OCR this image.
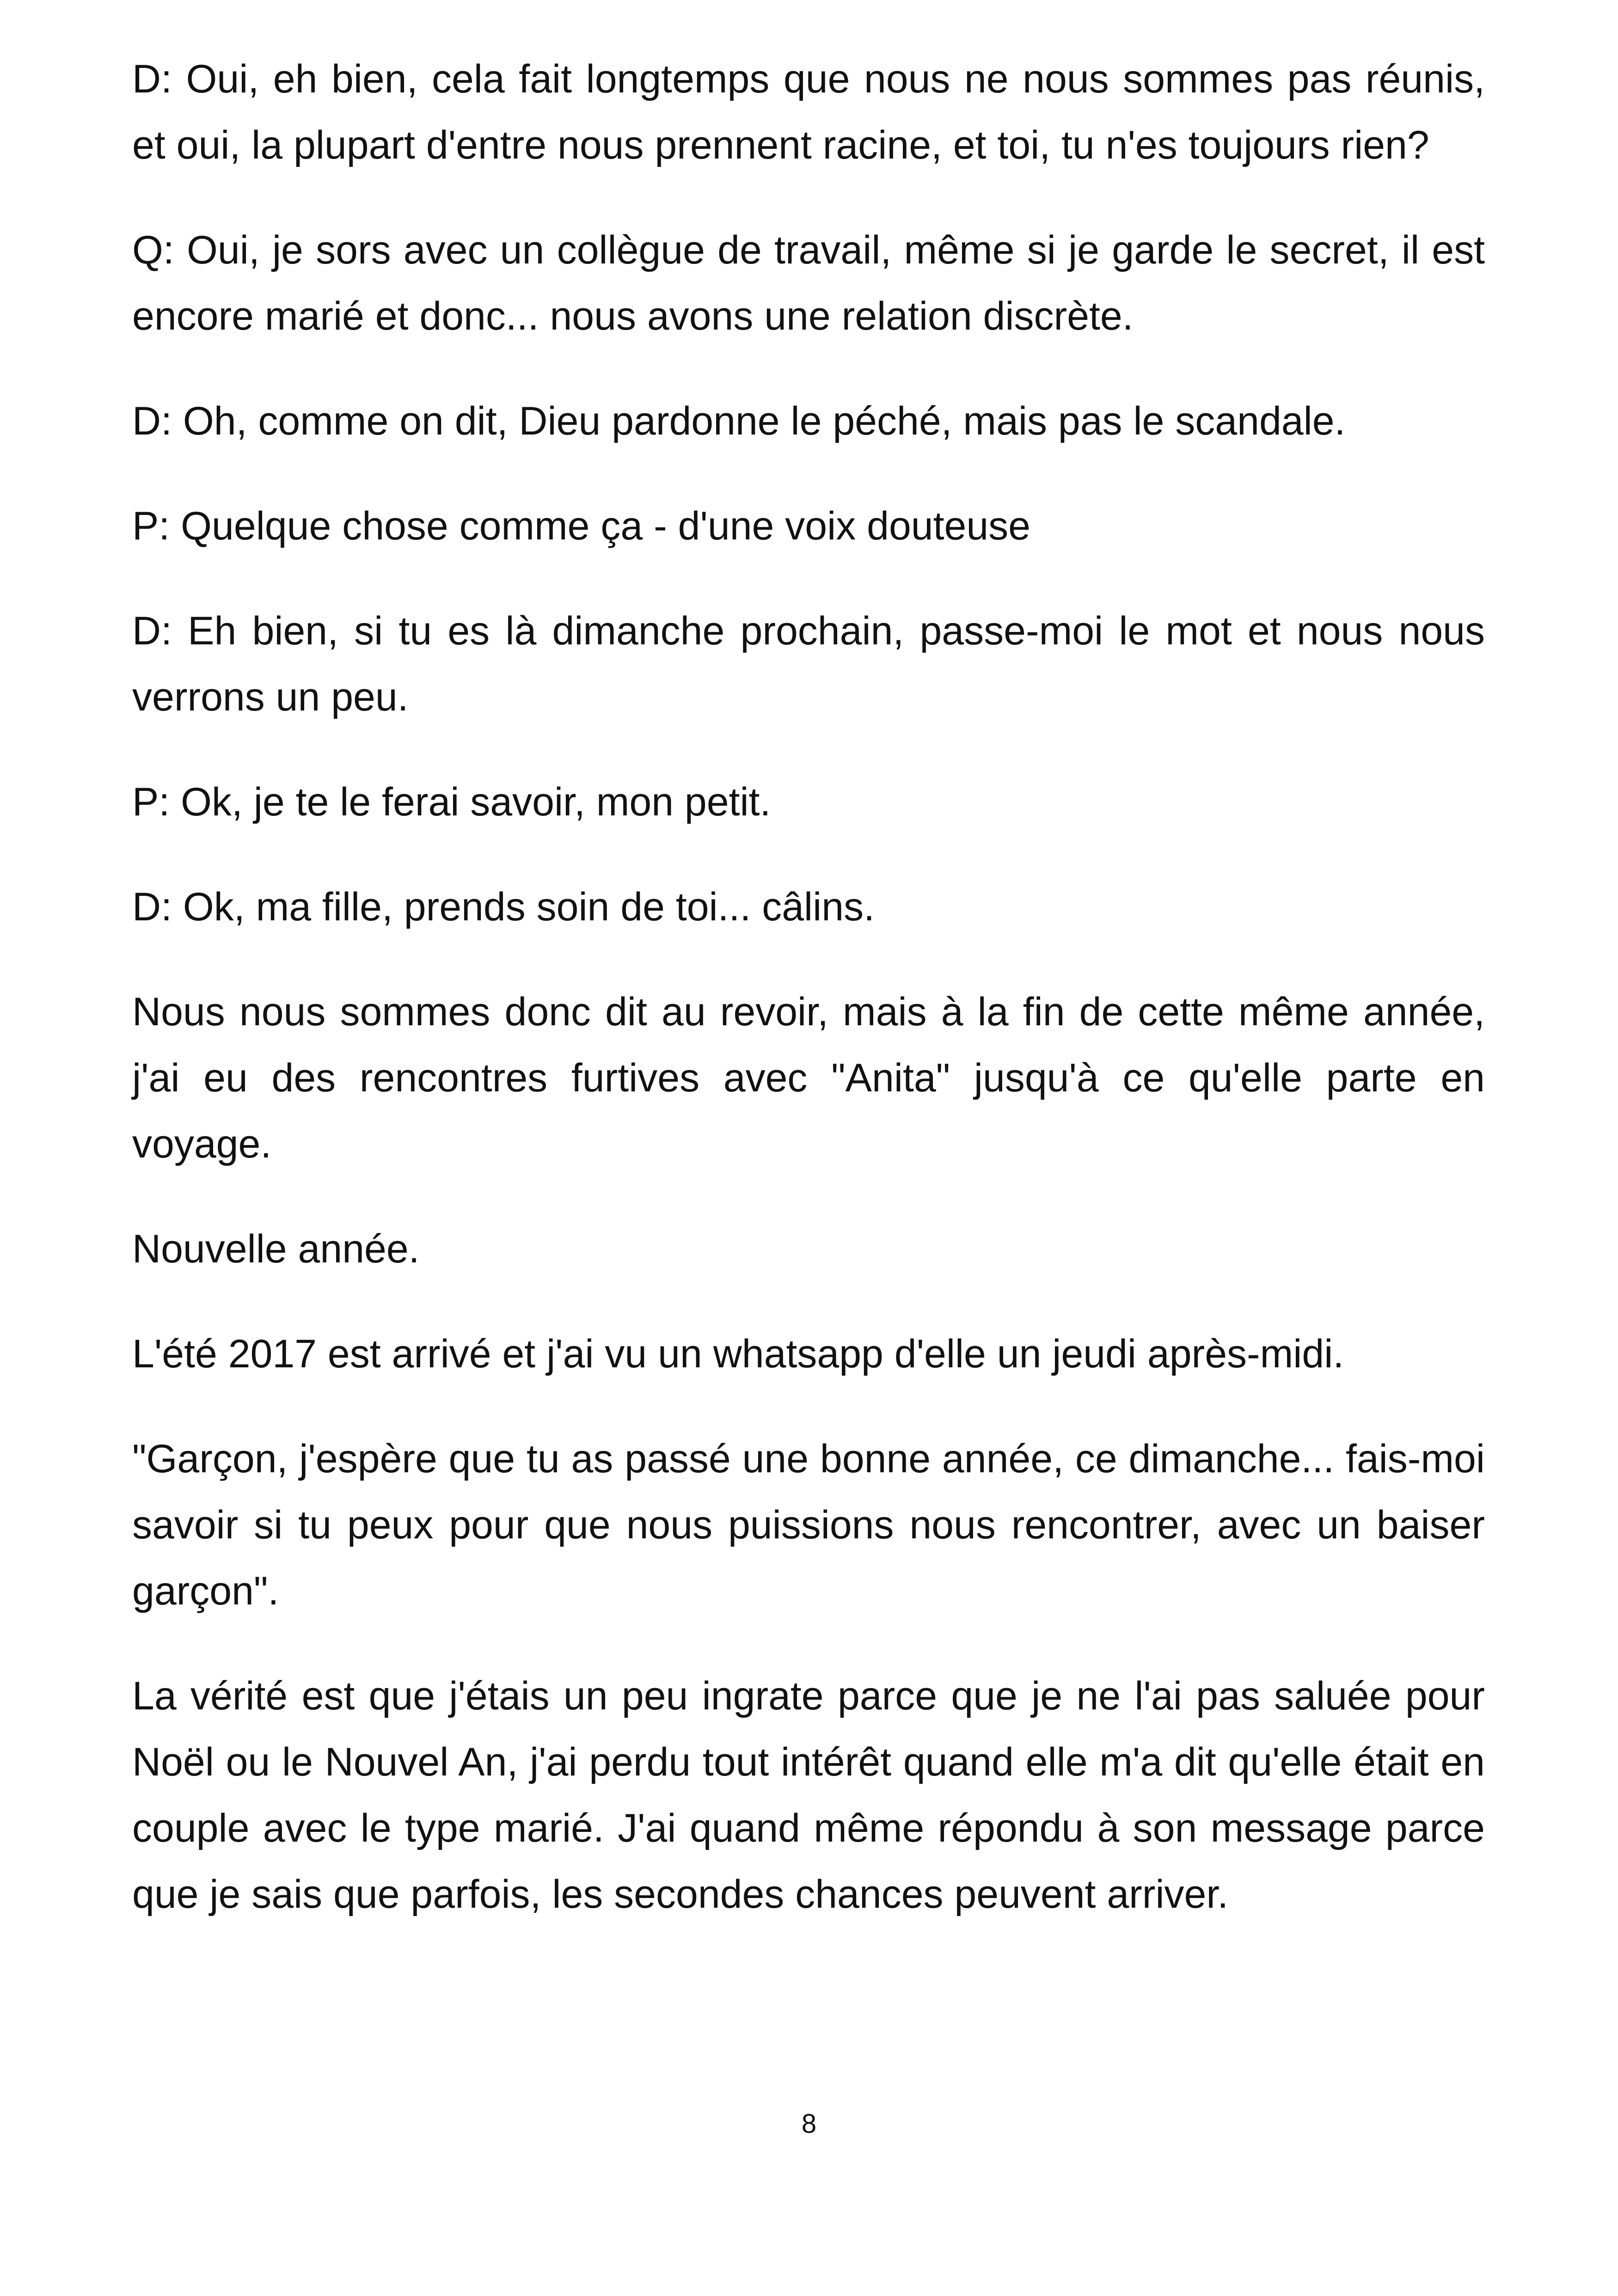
D: Oui, eh bien, cela fait longtemps que nous ne nous sommes pas réunis, et oui, la plupart d'entre nous prennent racine, et toi, tu n'es toujours rien?

Q: Oui, je sors avec un collègue de travail, même si je garde le secret, il est encore marié et donc... nous avons une relation discrète.

D: Oh, comme on dit, Dieu pardonne le péché, mais pas le scandale.

P: Quelque chose comme ça - d'une voix douteuse

D: Eh bien, si tu es là dimanche prochain, passe-moi le mot et nous nous verrons un peu.

P: Ok, je te le ferai savoir, mon petit.

D: Ok, ma fille, prends soin de toi... câlins.

Nous nous sommes donc dit au revoir, mais à la fin de cette même année, j'ai eu des rencontres furtives avec "Anita" jusqu'à ce qu'elle parte en voyage.

Nouvelle année.

L'été 2017 est arrivé et j'ai vu un whatsapp d'elle un jeudi après-midi.

"Garçon, j'espère que tu as passé une bonne année, ce dimanche... fais-moi savoir si tu peux pour que nous puissions nous rencontrer, avec un baiser garçon".

La vérité est que j'étais un peu ingrate parce que je ne l'ai pas saluée pour Noël ou le Nouvel An, j'ai perdu tout intérêt quand elle m'a dit qu'elle était en couple avec le type marié. J'ai quand même répondu à son message parce que je sais que parfois, les secondes chances peuvent arriver.

8
